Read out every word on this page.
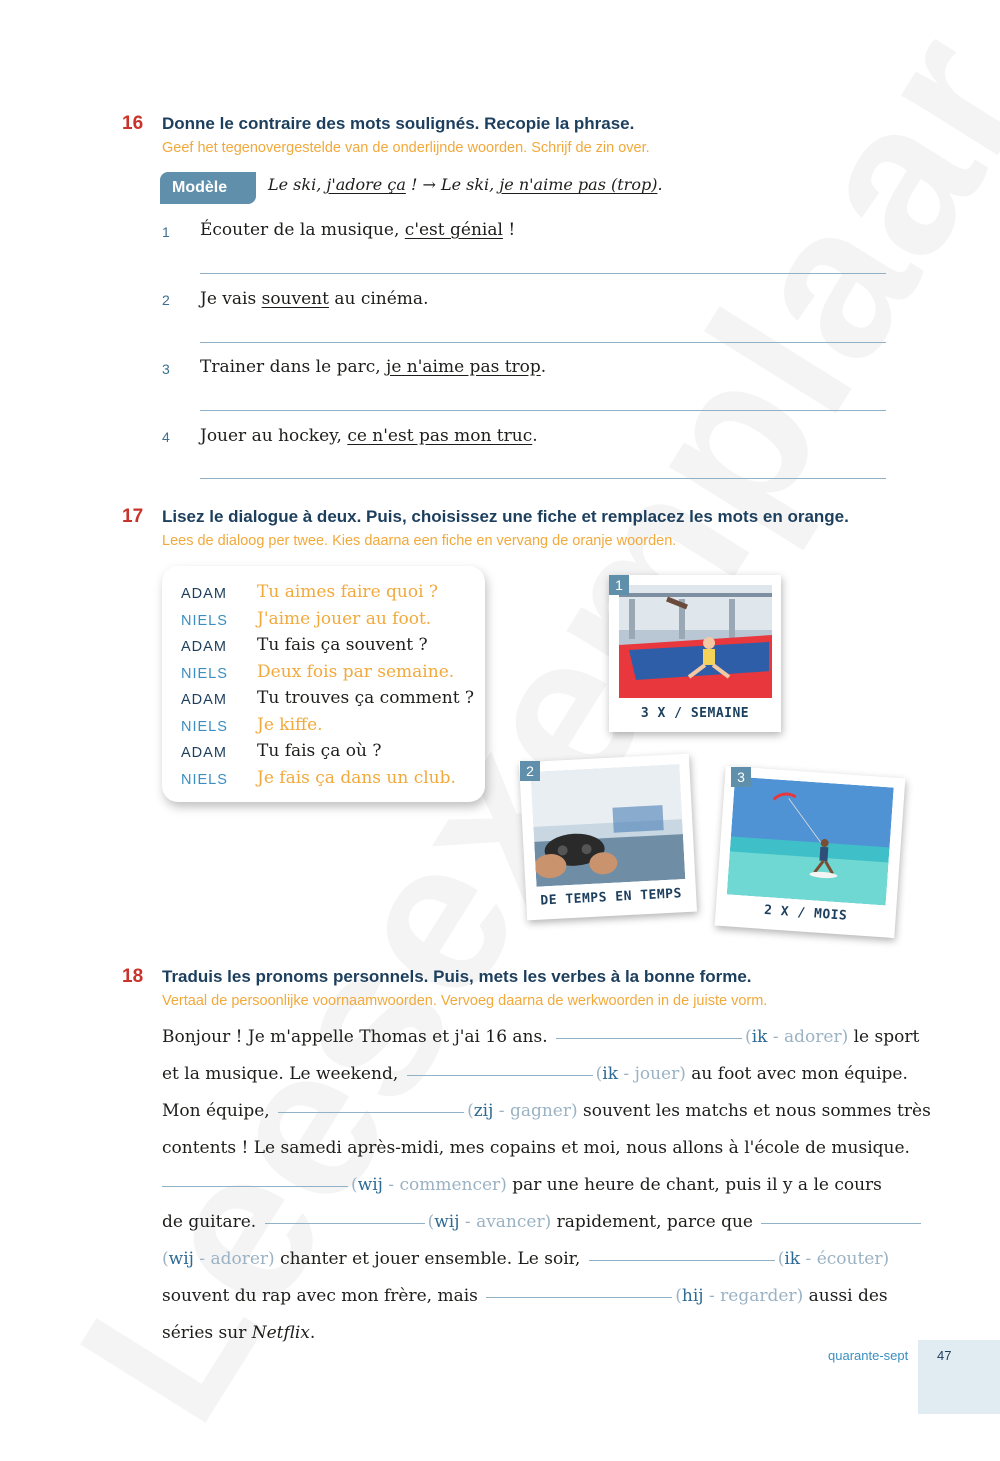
16 Donne le contraire des mots soulignés. Recopie la phrase.
Geef het tegenovergestelde van de onderlijnde woorden. Schrijf de zin over.
Modèle	Le ski, j'adore ça ! → Le ski, je n'aime pas (trop).
1 Écouter de la musique, c'est génial !
2 Je vais souvent au cinéma.
3 Trainer dans le parc, je n'aime pas trop.
4 Jouer au hockey, ce n'est pas mon truc.
17 Lisez le dialogue à deux. Puis, choisissez une fiche et remplacez les mots en orange.
Lees de dialoog per twee. Kies daarna een fiche en vervang de oranje woorden.
ADAM	Tu aimes faire quoi ?
NIELS	J'aime jouer au foot.
ADAM	Tu fais ça souvent ?
NIELS	Deux fois par semaine.
ADAM	Tu trouves ça comment ?
NIELS	Je kiffe.
ADAM	Tu fais ça où ?
NIELS	Je fais ça dans un club.
3 X / SEMAINE
1
DE TEMPS EN TEMPS
2
2 X / MOIS
3
18 Traduis les pronoms personnels. Puis, mets les verbes à la bonne forme.
Vertaal de persoonlijke voornaamwoorden. Vervoeg daarna de werkwoorden in de juiste vorm.
Bonjour ! Je m'appelle Thomas et j'ai 16 ans.	(ik - adorer) le sport
et la musique. Le weekend,	(ik - jouer) au foot avec mon équipe.
Mon équipe,	(zij - gagner) souvent les matchs et nous sommes très
contents ! Le samedi après-midi, mes copains et moi, nous allons à l'école de musique.
(wij - commencer) par une heure de chant, puis il y a le cours
de guitare.	(wij - avancer) rapidement, parce que
(wij - adorer) chanter et jouer ensemble. Le soir,	(ik - écouter)
souvent du rap avec mon frère, mais	(hij - regarder) aussi des
séries sur Netflix.
quarante-sept 47
